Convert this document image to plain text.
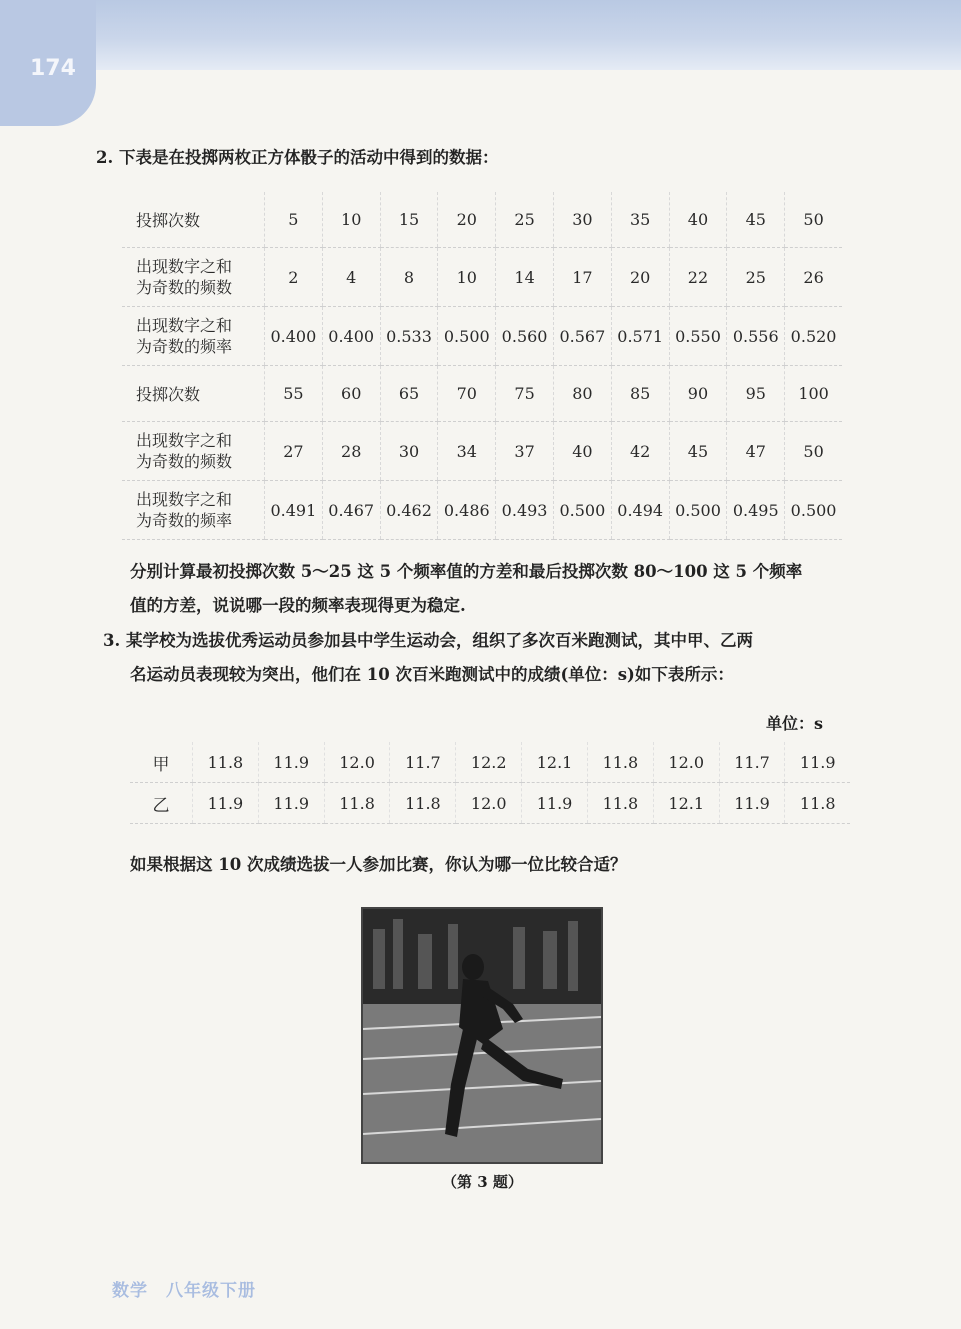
174
2. 下表是在投掷两枚正方体骰子的活动中得到的数据：
投掷次数	5	10	15	20	25	30	35	40	45	50

出现数字之和
为奇数的频数	2	4	8	10	14	17	20	22	25	26

出现数字之和
为奇数的频率	0.400	0.400	0.533	0.500	0.560	0.567	0.571	0.550	0.556	0.520
投掷次数	55	60	65	70	75	80	85	90	95	100

出现数字之和
为奇数的频数	27	28	30	34	37	40	42	45	47	50

出现数字之和
为奇数的频率	0.491	0.467	0.462	0.486	0.493	0.500	0.494	0.500	0.495	0.500
分别计算最初投掷次数 5～25 这 5 个频率值的方差和最后投掷次数 80～100 这 5 个频率
值的方差，说说哪一段的频率表现得更为稳定.
3. 某学校为选拔优秀运动员参加县中学生运动会，组织了多次百米跑测试，其中甲、乙两
名运动员表现较为突出，他们在 10 次百米跑测试中的成绩(单位：s)如下表所示：
单位：s
甲	11.8	11.9	12.0	11.7	12.2	12.1	11.8	12.0	11.7	11.9
乙	11.9	11.9	11.8	11.8	12.0	11.9	11.8	12.1	11.9	11.8
如果根据这 10 次成绩选拔一人参加比赛，你认为哪一位比较合适？
（第 3 题）
数学　八年级下册
